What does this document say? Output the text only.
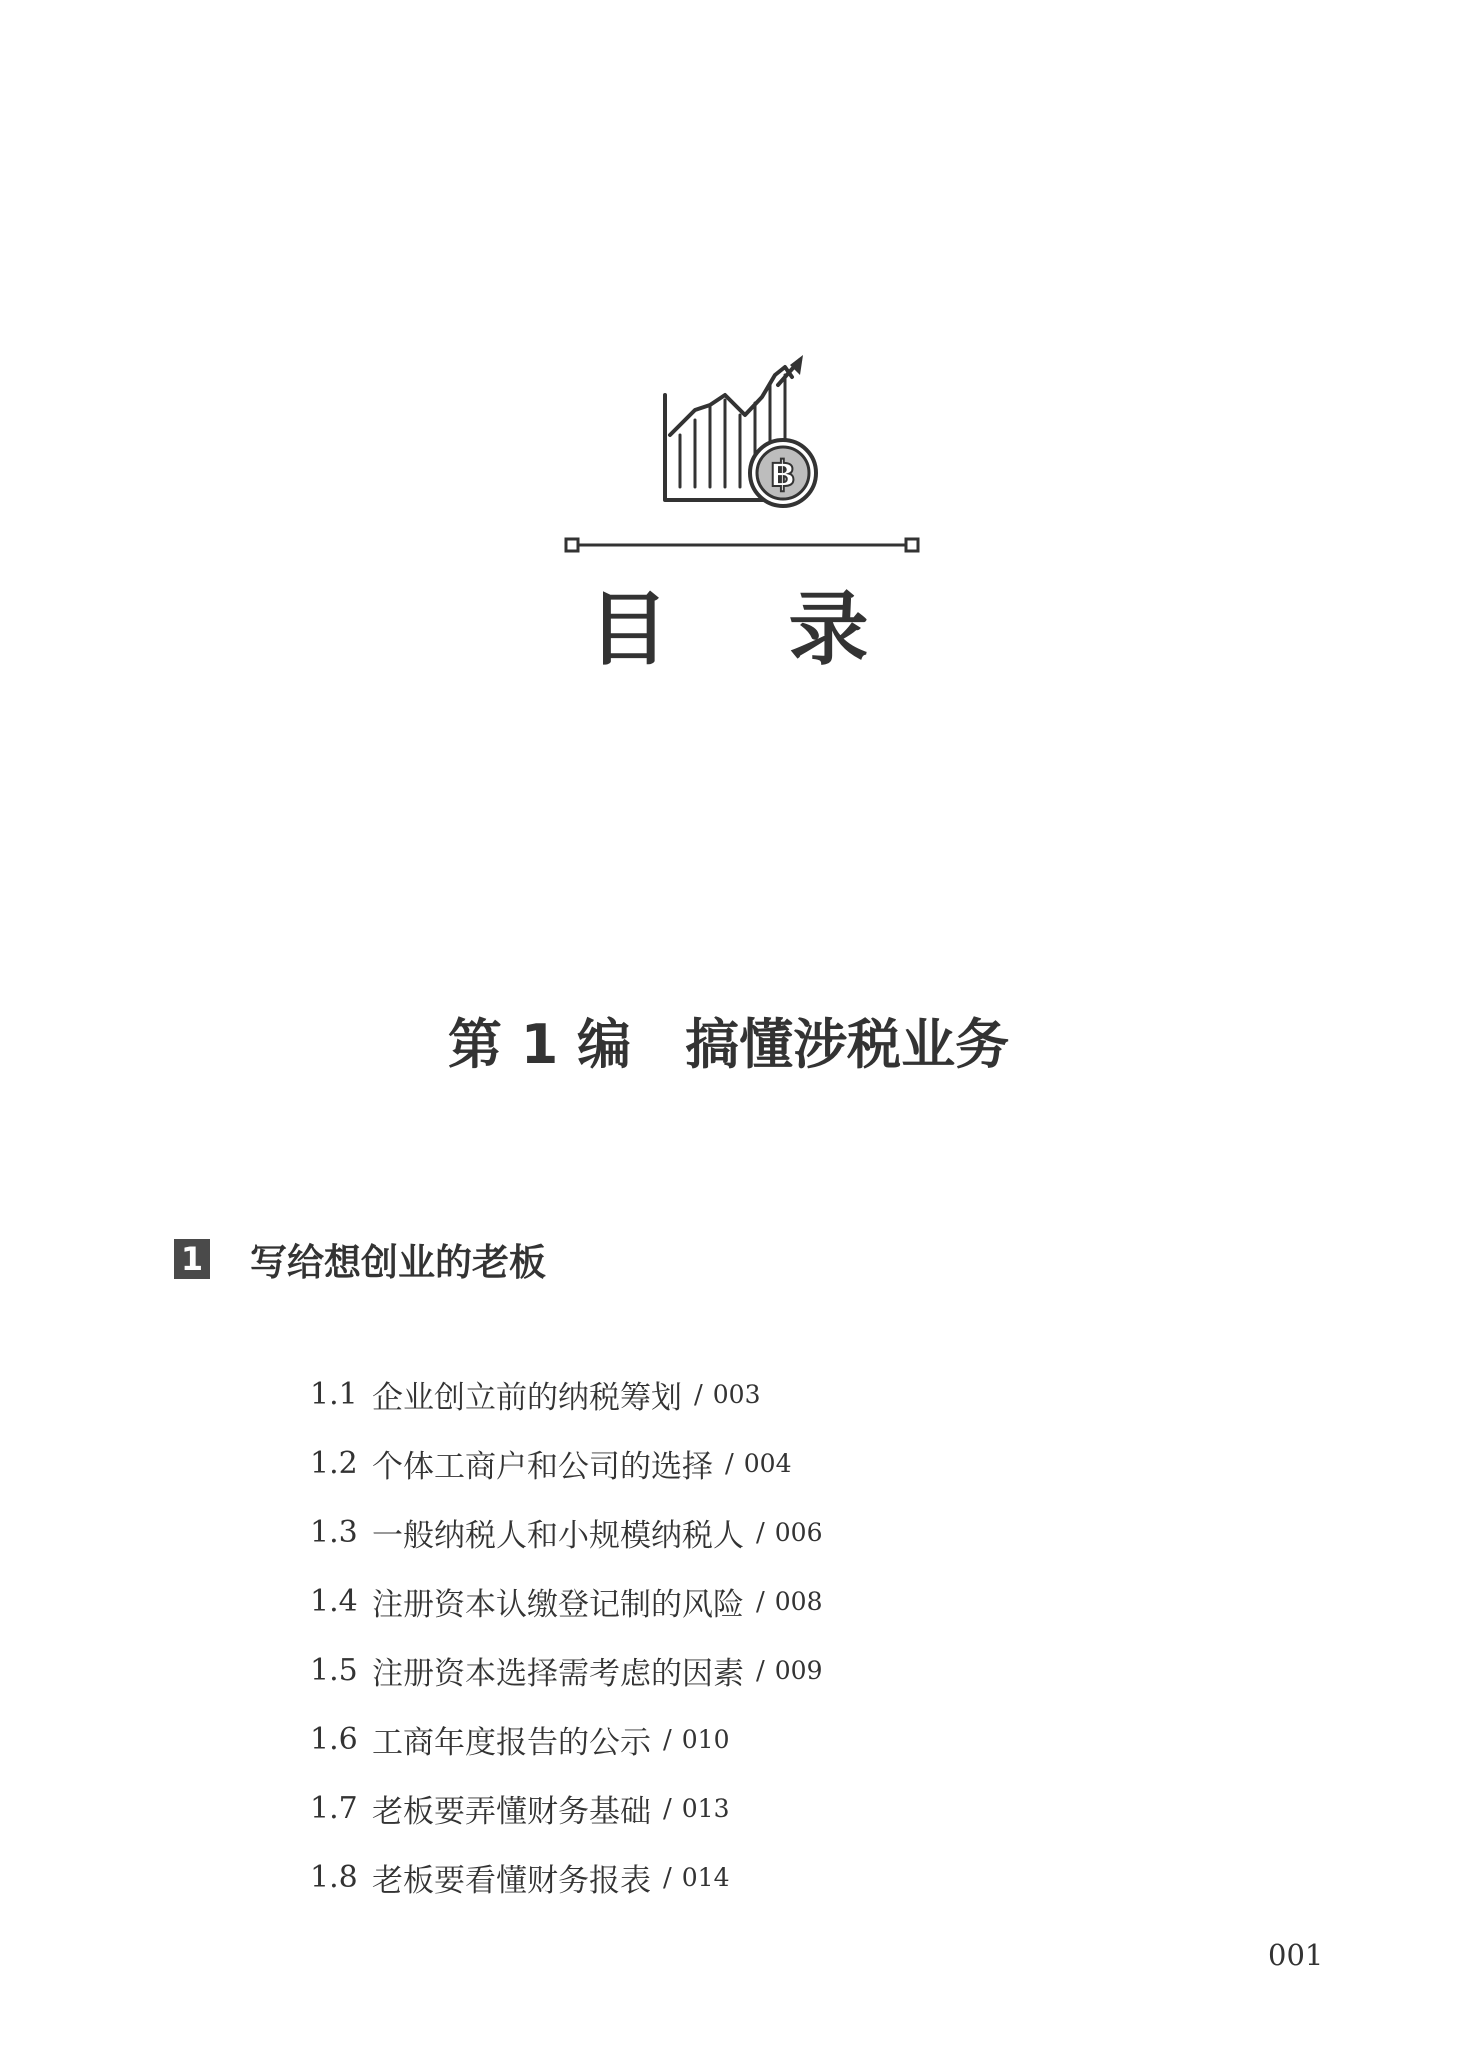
฿
目录
第 1 编　搞懂涉税业务
1 写给想创业的老板
1.1 企业创立前的纳税筹划 / 003
1.2 个体工商户和公司的选择 / 004
1.3 一般纳税人和小规模纳税人 / 006
1.4 注册资本认缴登记制的风险 / 008
1.5 注册资本选择需考虑的因素 / 009
1.6 工商年度报告的公示 / 010
1.7 老板要弄懂财务基础 / 013
1.8 老板要看懂财务报表 / 014
001
